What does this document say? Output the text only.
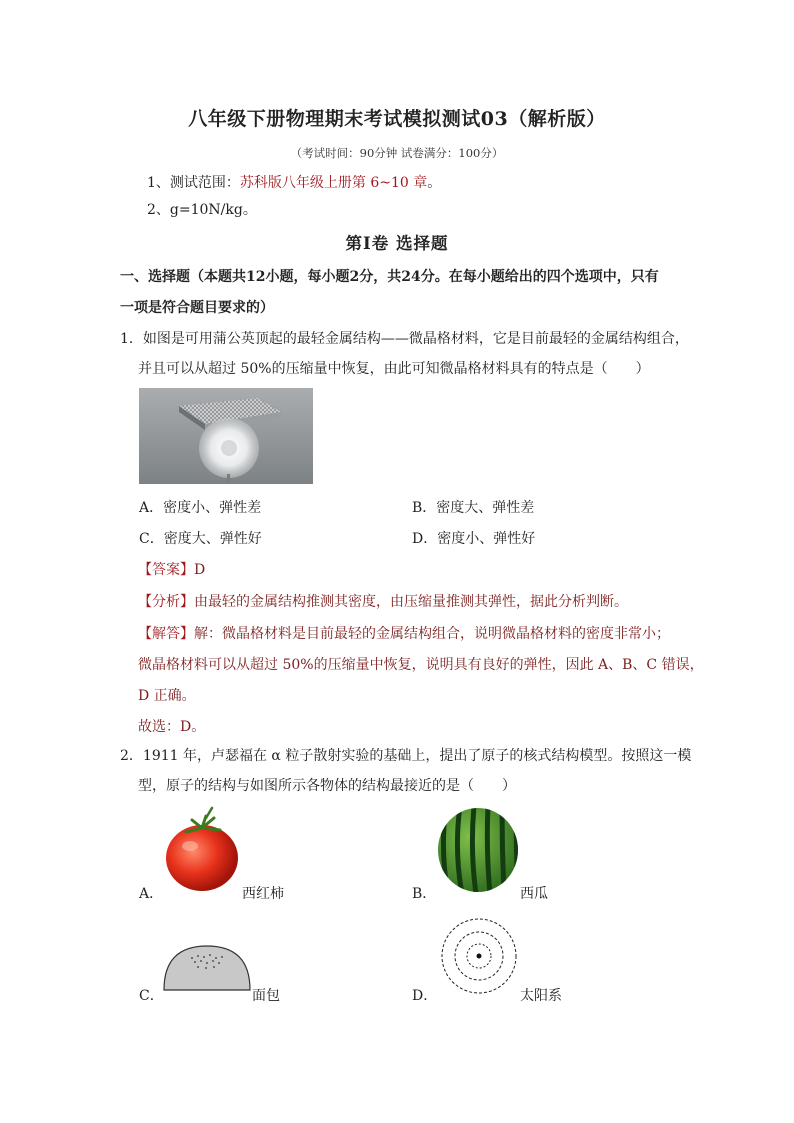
八年级下册物理期末考试模拟测试03（解析版）
（考试时间：90分钟 试卷满分：100分）
1、测试范围：苏科版八年级上册第 6~10 章。
2、g=10N/kg。
第Ⅰ卷 选择题
一、选择题（本题共12小题，每小题2分，共24分。在每小题给出的四个选项中，只有
一项是符合题目要求的）
1．如图是可用蒲公英顶起的最轻金属结构——微晶格材料，它是目前最轻的金属结构组合，
并且可以从超过 50%的压缩量中恢复，由此可知微晶格材料具有的特点是（　　）
A．密度小、弹性差	B．密度大、弹性差
C．密度大、弹性好	D．密度小、弹性好
【答案】D
【分析】由最轻的金属结构推测其密度，由压缩量推测其弹性，据此分析判断。
【解答】解：微晶格材料是目前最轻的金属结构组合，说明微晶格材料的密度非常小；
微晶格材料可以从超过 50%的压缩量中恢复，说明具有良好的弹性，因此 A、B、C 错误，
D 正确。
故选：D。
2．1911 年，卢瑟福在 α 粒子散射实验的基础上，提出了原子的核式结构模型。按照这一模
型，原子的结构与如图所示各物体的结构最接近的是（　　）
A．	西红柿	B．	西瓜
C．	面包	D．	太阳系
